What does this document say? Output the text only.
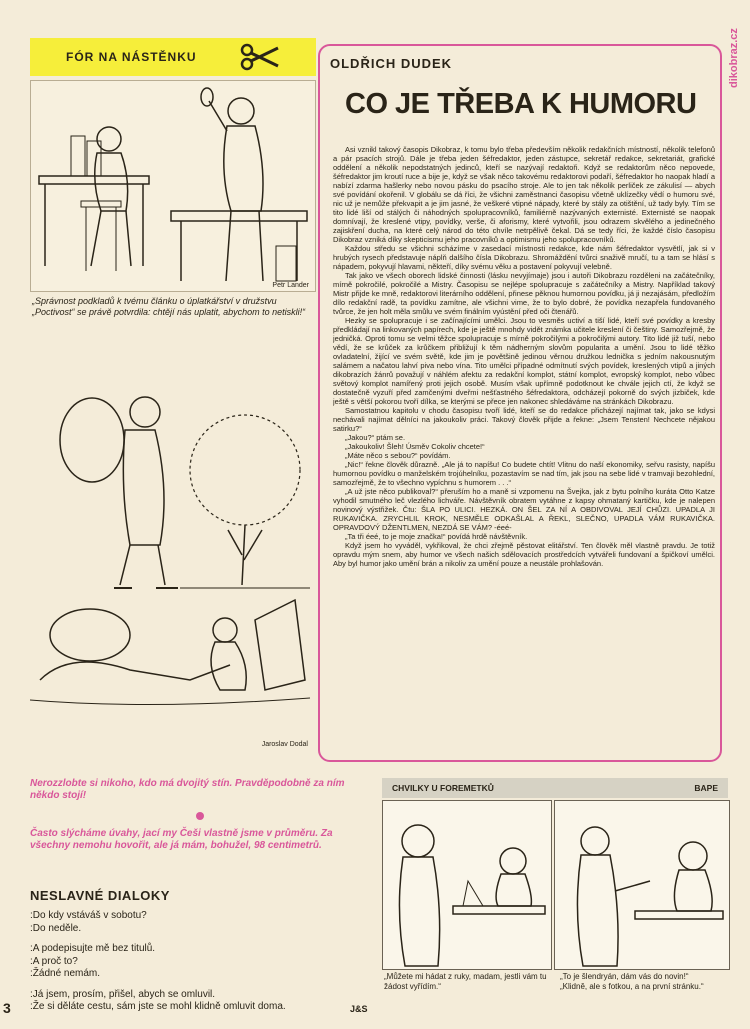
dikobraz.cz
FÓR NA NÁSTĚNKU
Petr Lander
„Správnost podkladů k tvému článku o úplatkářství v družstvu „Poctivost“ se právě potvrdila: chtějí nás uplatit, abychom to netiskli!“
Jaroslav Dodal
OLDŘICH DUDEK
CO JE TŘEBA K HUMORU

Asi vznikl takový časopis Dikobraz, k tomu bylo třeba především několik redakčních místností, několik telefonů a pár psacích strojů. Dále je třeba jeden šéfredaktor, jeden zástupce, sekretář redakce, sekretariát, grafické oddělení a několik nepodstatných jedinců, kteří se nazývají redaktoři. Když se redaktorům něco nepovede, šéfredaktor jim kroutí ruce a bije je, když se však něco takovému redaktorovi podaří, šéfredaktor ho naopak hladí a nabízí zdarma hašlerky nebo novou pásku do psacího stroje. Ale to jen tak několik perliček ze zákulisí — abych své povídání okořenil. V globálu se dá říci, že všichni zaměstnanci časopisu včetně uklízečky vědí o humoru své, nic už je nemůže překvapit a je jim jasné, že veškeré vtipné nápady, které by stály za otištění, už tady byly. Tím se tito lidé liší od stálých či náhodných spolupracovníků, familiérně nazývaných externisté. Externisté se naopak domnívají, že kreslené vtipy, povídky, verše, či aforismy, které vytvořili, jsou odrazem skvělého a jedinečného zajiskření ducha, na které celý národ do této chvíle netrpělivě čekal. Dá se tedy říci, že každé číslo časopisu Dikobraz vzniká díky skepticismu jeho pracovníků a optimismu jeho spolupracovníků.

Každou středu se všichni scházíme v zasedací místnosti redakce, kde nám šéfredaktor vysvětlí, jak si v hrubých rysech představuje náplň dalšího čísla Dikobrazu. Shromáždění tvůrci snaživě mručí, tu a tam se hlásí s nápadem, pokyvují hlavami, někteří, díky svému věku a postavení pokyvují velebně.

Tak jako ve všech oborech lidské činnosti (lásku nevyjímaje) jsou i autoři Dikobrazu rozděleni na začátečníky, mírně pokročilé, pokročilé a Mistry. Časopisu se nejlépe spolupracuje s začátečníky a Mistry. Například takový Mistr přijde ke mně, redaktorovi literárního oddělení, přinese pěknou humornou povídku, já ji nezajásám, předložím dílo redakční radě, ta povídku zamítne, ale všichni vime, že to bylo dobré, že povídka nezapřela fundovaného tvůrce, že jen holt měla smůlu ve svém finálním vyústění před oči čtenářů.

Hezky se spolupracuje i se začínajícími umělci. Jsou to vesměs uctiví a tiší lidé, kteří své povídky a kresby předkládají na linkovaných papírech, kde je ještě mnohdy vidět známka učitele kreslení či češtiny. Samozřejmě, že jedničká. Oproti tomu se velmi těžce spolupracuje s mírně pokročilými a pokročilými autory. Tito lidé již tuší, nebo vědí, že se krůček za krůčkem přibližují k těm nádherným slovům popularita a umění. Jsou to lidé těžko ovladatelní, žijící ve svém světě, kde jim je povětšině jedinou věrnou družkou lednička s jedním nakousnutým salámem a načatou lahví piva nebo vína. Tito umělci případné odmítnutí svých povídek, kreslených vtipů a jiných dikobrazích žánrů považují v náhlém afektu za redakční komplot, státní komplot, evropský komplot, nebo vůbec světový komplot namířený proti jejich osobě. Musím však upřímně podotknout ke chvále jejich ctí, že když se dostatečně vyzuří před zamčenými dveřmi nešťastného šéfredaktora, odcházejí pokorně do svých jizbiček, kde ještě s větší pokorou tvoří dílka, se kterými se přece jen nakonec shledáváme na stránkách Dikobrazu.

Samostatnou kapitolu v chodu časopisu tvoří lidé, kteří se do redakce přicházejí najímat tak, jako se kdysi nechávali najímat dělníci na jakoukoliv práci. Takový člověk přijde a řekne: „Jsem Tensten! Nechcete nějakou satirku?“

„Jakou?“ ptám se.

„Jakoukoliv! Šleh! Úsměv Cokoliv chcete!“

„Máte něco s sebou?“ povídám.

„Nic!“ řekne člověk důrazně. „Ale já to napíšu! Co budete chtít! Vlitnu do naší ekonomiky, seřvu rasisty, napíšu humornou povídku o manželském trojúhelníku, pozastavím se nad tím, jak jsou na sebe lidé v tramvaji bezohlední, samozřejmě, že to všechno vypíchnu s humorem . . .“

„A už jste něco publikoval?“ přeruším ho a maně si vzpomenu na Švejka, jak z bytu polního kuráta Otto Katze vyhodil smutného leč vlezlého lichváře. Návštěvník obratem vytáhne z kapsy ohmataný kartičku, kde je nalepen novinový výstřižek. Čtu: ŠLA PO ULICI. HEZKÁ. ON ŠEL ZA NÍ A OBDIVOVAL JEJÍ CHŮZI. UPADLA JI RUKAVIČKA. ZRYCHLIL KROK, NESMĚLE ODKAŠLAL A ŘEKL, SLEČNO, UPADLA VÁM RUKAVIČKA. OPRAVDOVÝ DŽENTLMEN, NEZDÁ SE VÁM? -éeé-

„Ta tři éeé, to je moje značka!“ povídá hrdě návštěvník.

Když jsem ho vyváděl, vykřikoval, že chci zřejmě pěstovat elitářství. Ten člověk měl vlastně pravdu. Je totiž opravdu mým snem, aby humor ve všech našich sdělovacích prostředcích vytvářeli fundovaní a špičkoví umělci. Aby byl humor jako umění brán a nikoliv za umění pouze a neustále prohlašován.

Nerozzlobte si nikoho, kdo má dvojitý stín. Pravděpodobně za ním někdo stojí!
Často slýcháme úvahy, jací my Češi vlastně jsme v průměru. Za všechny nemohu hovořit, ale já mám, bohužel, 98 centimetrů.
NESLAVNÉ DIALOKY
:Do kdy vstáváš v sobotu?
:Do neděle.
:A podepisujte mě bez titulů.
:A proč to?
:Žádné nemám.
:Já jsem, prosím, přišel, abych se omluvil.
:Že si děláte cestu, sám jste se mohl klidně omluvit doma.
CHVILKY U FOREMETKŮ	BAPE
„Můžete mi hádat z ruky, madam, jestli vám tu žádost vyřídím.“
„To je šlendryán, dám vás do novin!“
„Klidně, ale s fotkou, a na první stránku.“
3	J&S
